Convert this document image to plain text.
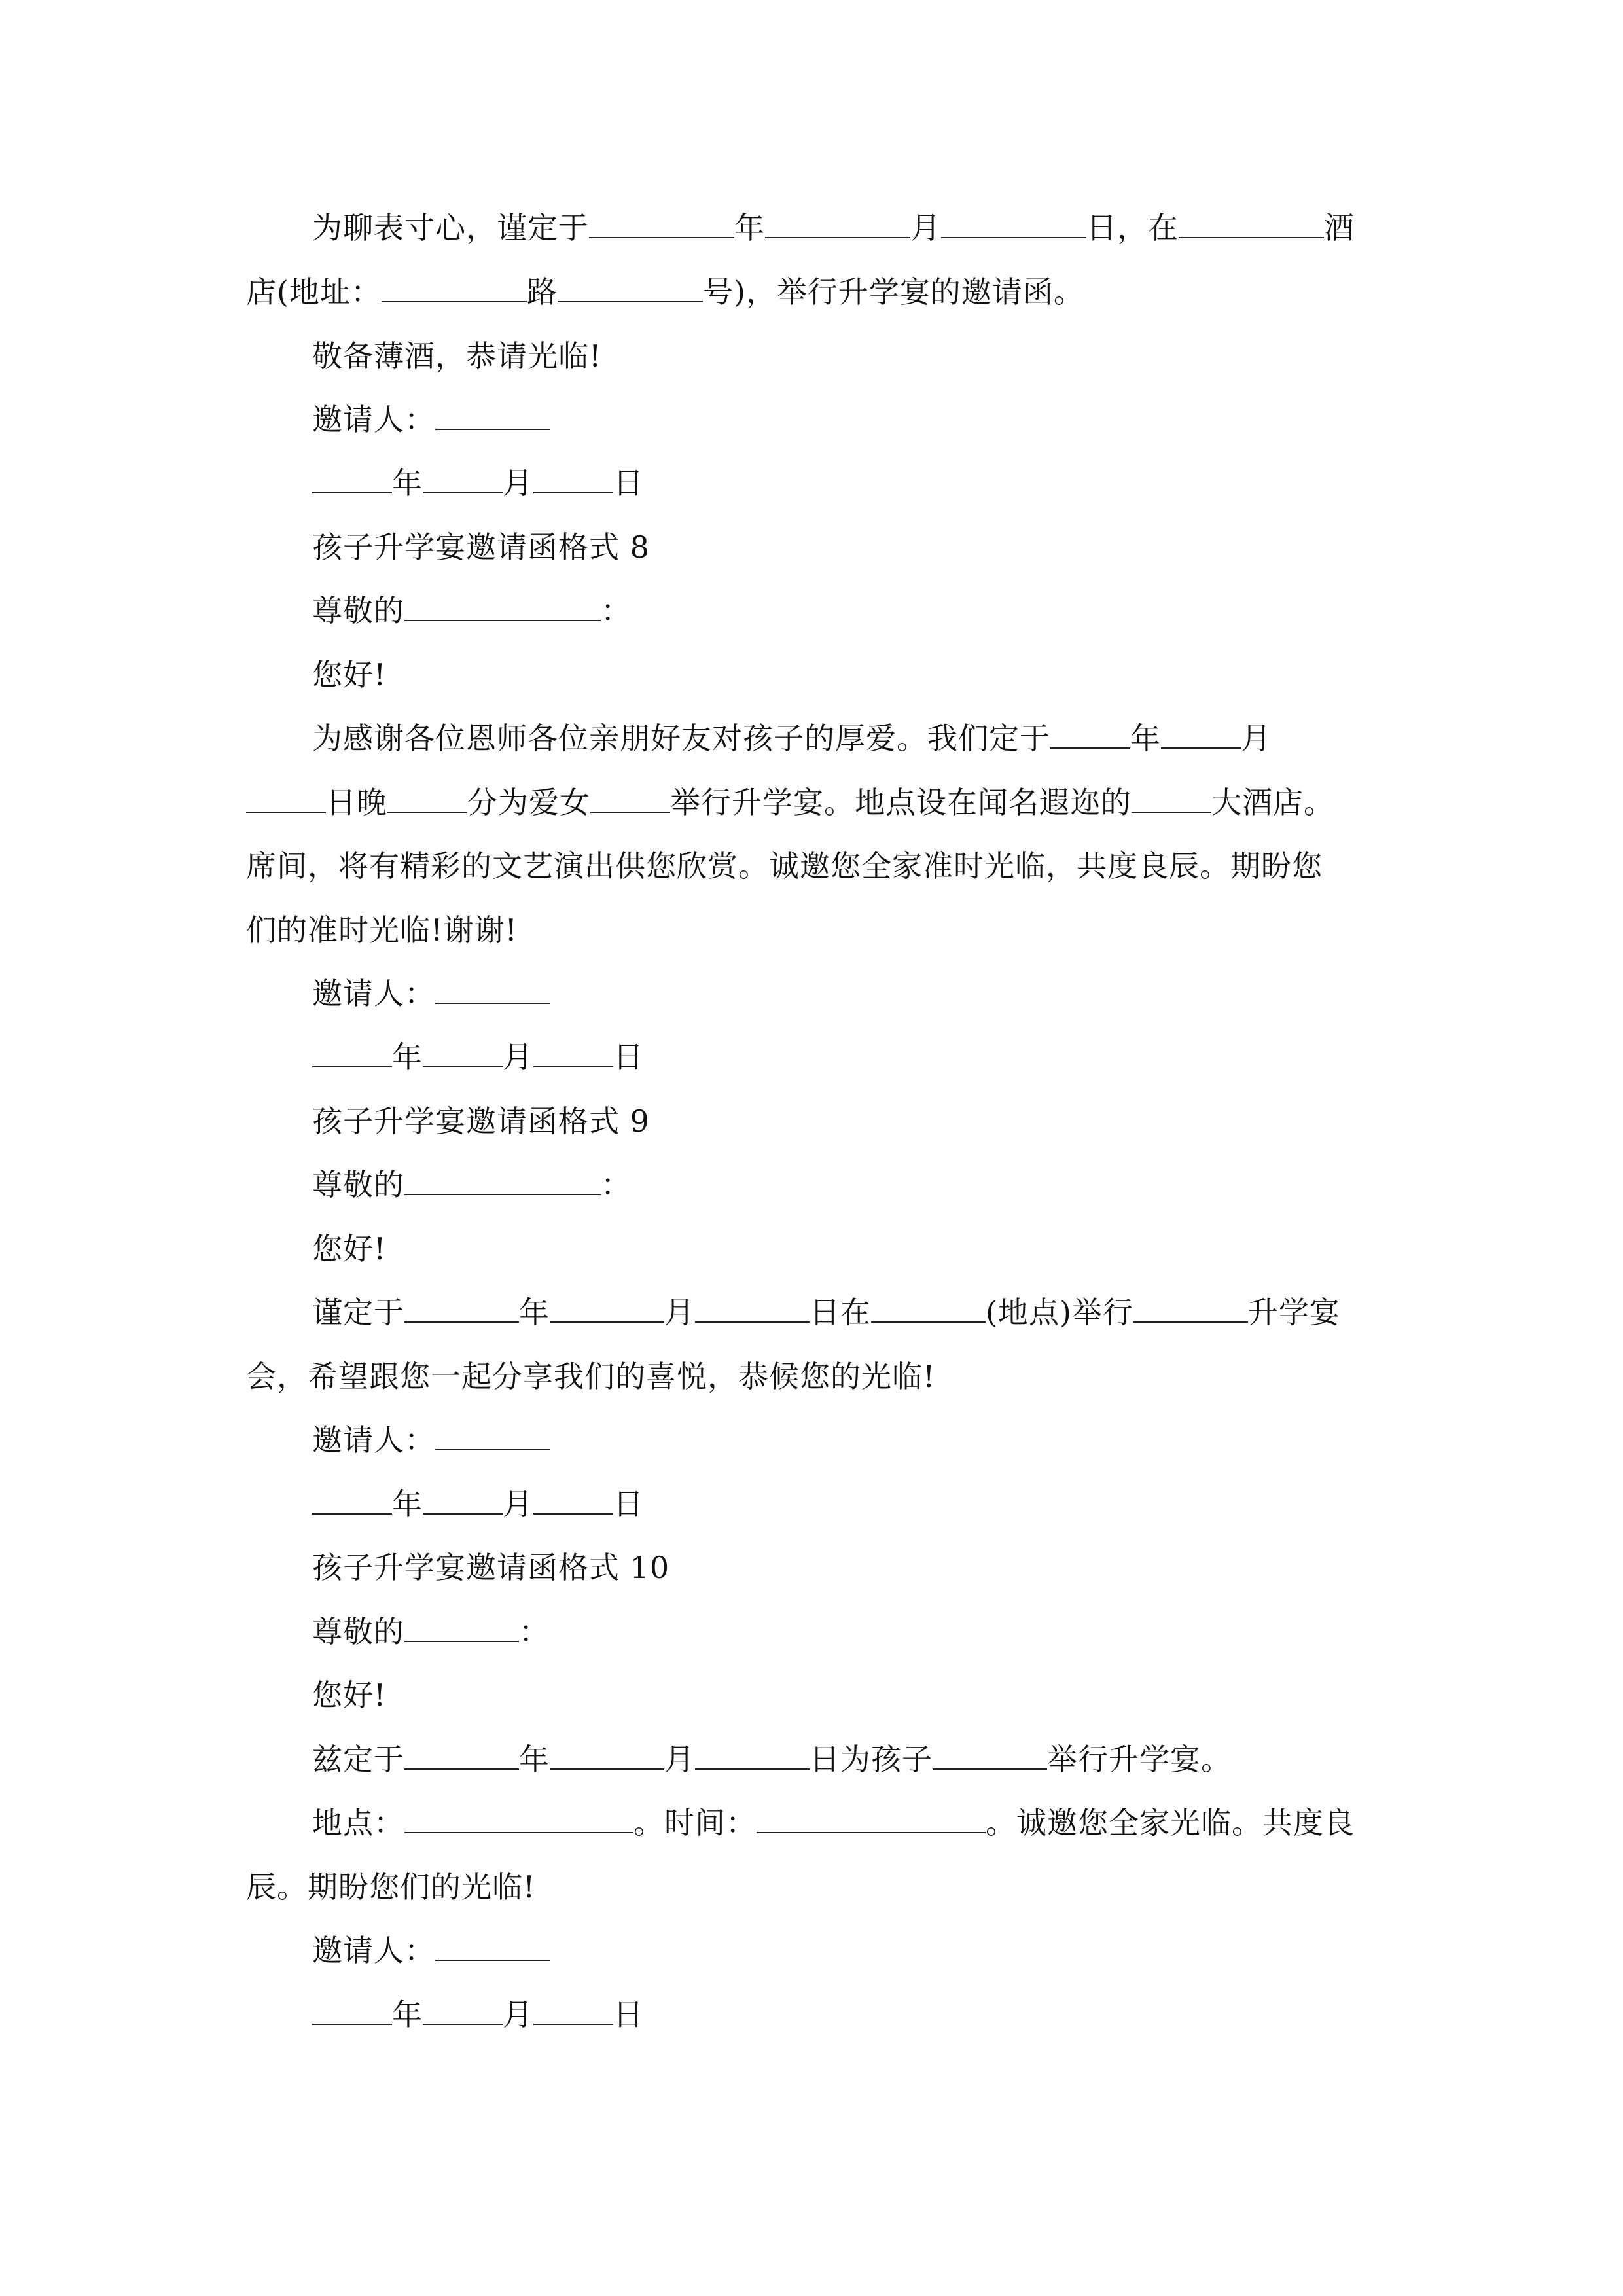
为聊表寸心，谨定于	年	月	日，在	酒
店(地址：	路	号)，举行升学宴的邀请函。
敬备薄酒，恭请光临!
邀请人：
年	月	日
孩子升学宴邀请函格式 8
尊敬的	：
您好!
为感谢各位恩师各位亲朋好友对孩子的厚爱。我们定于	年	月
日晚	分为爱女	举行升学宴。地点设在闻名遐迩的	大酒店。
席间，将有精彩的文艺演出供您欣赏。诚邀您全家准时光临，共度良辰。期盼您
们的准时光临!谢谢!
邀请人：
年	月	日
孩子升学宴邀请函格式 9
尊敬的	：
您好!
谨定于	年	月	日在	(地点)举行	升学宴
会，希望跟您一起分享我们的喜悦，恭候您的光临!
邀请人：
年	月	日
孩子升学宴邀请函格式 10
尊敬的	：
您好!
兹定于	年	月	日为孩子	举行升学宴。
地点：	。时间：	。诚邀您全家光临。共度良
辰。期盼您们的光临!
邀请人：
年	月	日
